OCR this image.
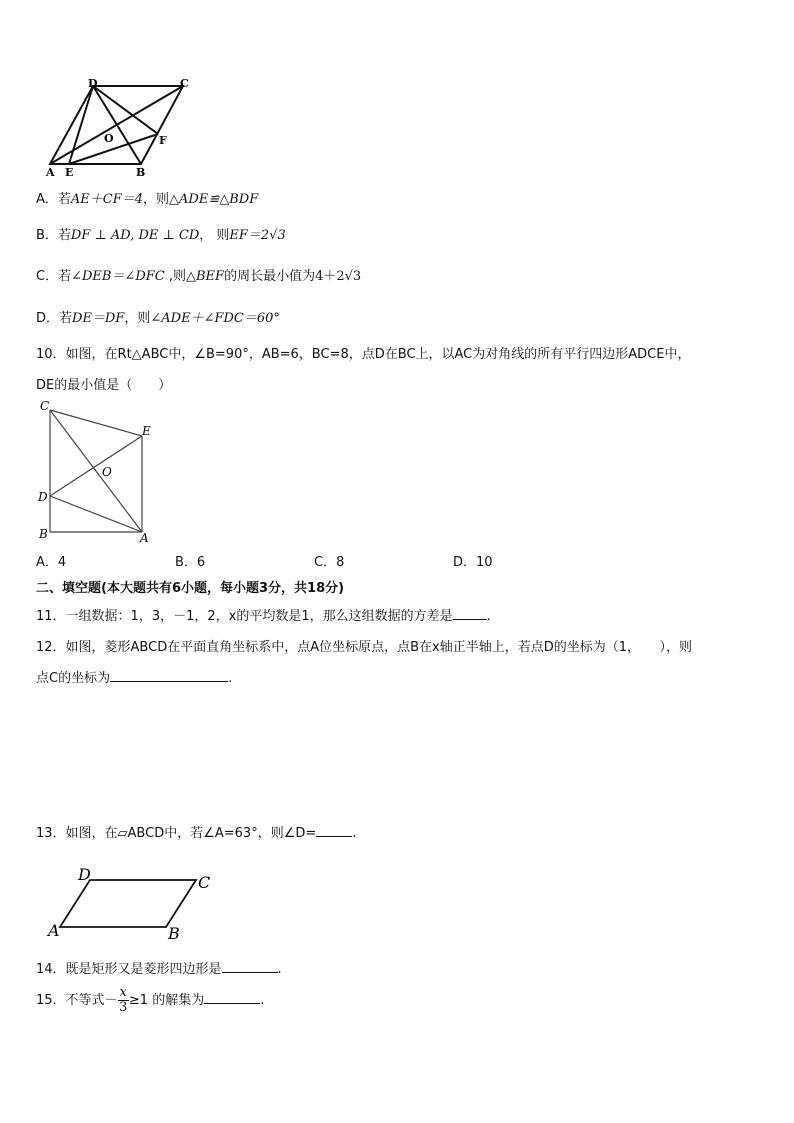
D	C
O	F
A E	B
A．若AE＋CF＝4，则△ADE≌△BDF
B．若DF ⊥ AD, DE ⊥ CD， 则EF＝2√3
C．若∠DEB＝∠DFC ,则△BEF的周长最小值为4＋2√3
D．若DE＝DF，则∠ADE＋∠FDC＝60°
10．如图，在Rt△ABC中，∠B=90°，AB=6，BC=8，点D在BC上，以AC为对角线的所有平行四边形ADCE中，
DE的最小值是（　　）
C
E
O
D
B	A
A．4	B．6	C．8	D．10
二、填空题(本大题共有6小题，每小题3分，共18分)
11．一组数据：1，3，－1，2，x的平均数是1，那么这组数据的方差是	.
12．如图，菱形ABCD在平面直角坐标系中，点A位坐标原点，点B在x轴正半轴上，若点D的坐标为（1，　　），则
点C的坐标为	.
13．如图，在▱ABCD中，若∠A=63°，则∠D=	.
D	C
A	B
14．既是矩形又是菱形四边形是	.
15．不等式－ $\frac{x}{3} \ge 1$ 的解集为	.
